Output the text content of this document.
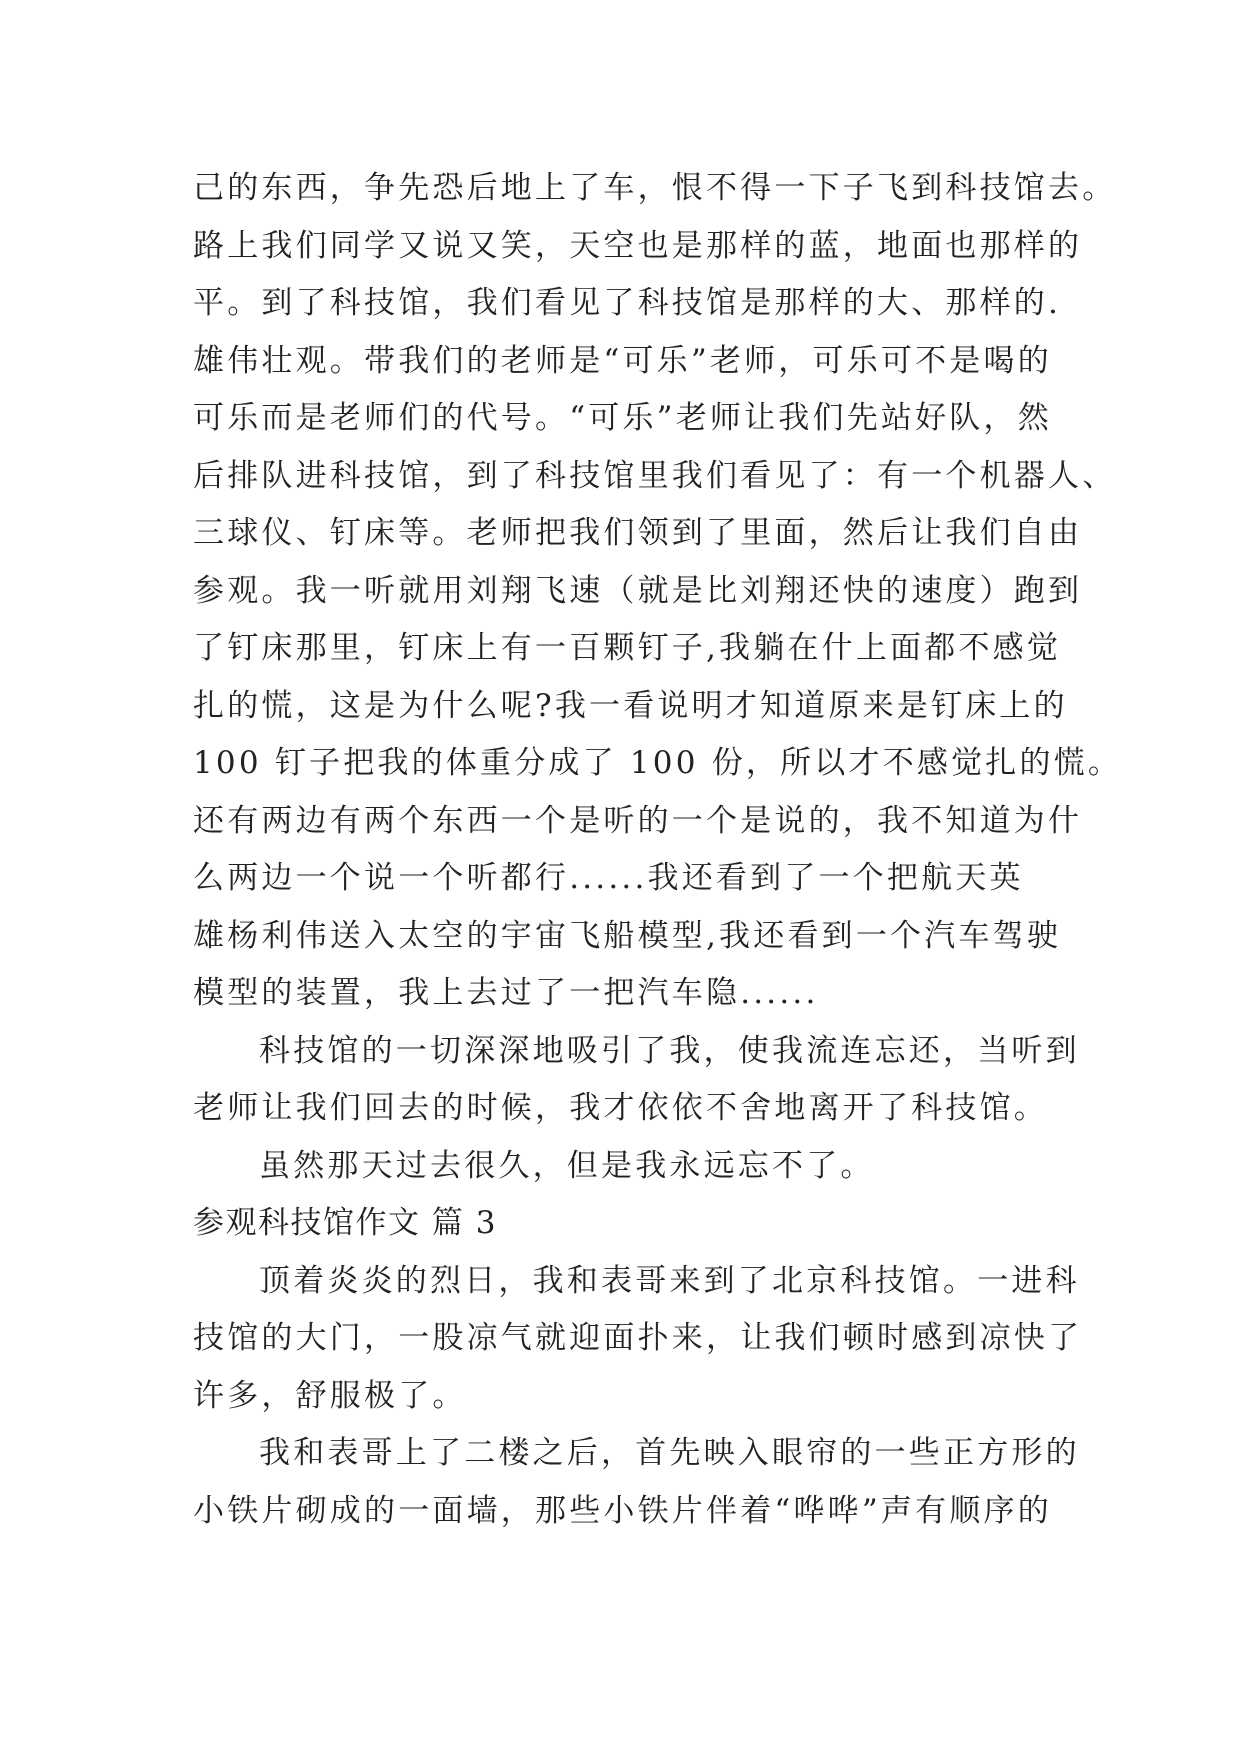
己的东西，争先恐后地上了车，恨不得一下子飞到科技馆去。
路上我们同学又说又笑，天空也是那样的蓝，地面也那样的
平。到了科技馆，我们看见了科技馆是那样的大、那样的.
雄伟壮观。带我们的老师是“可乐”老师，可乐可不是喝的
可乐而是老师们的代号。“可乐”老师让我们先站好队，然
后排队进科技馆，到了科技馆里我们看见了：有一个机器人、
三球仪、钉床等。老师把我们领到了里面，然后让我们自由
参观。我一听就用刘翔飞速（就是比刘翔还快的速度）跑到
了钉床那里，钉床上有一百颗钉子,我躺在什上面都不感觉
扎的慌，这是为什么呢?我一看说明才知道原来是钉床上的
100 钉子把我的体重分成了 100 份，所以才不感觉扎的慌。
还有两边有两个东西一个是听的一个是说的，我不知道为什
么两边一个说一个听都行......我还看到了一个把航天英
雄杨利伟送入太空的宇宙飞船模型,我还看到一个汽车驾驶
模型的装置，我上去过了一把汽车隐......
科技馆的一切深深地吸引了我，使我流连忘还，当听到
老师让我们回去的时候，我才依依不舍地离开了科技馆。
虽然那天过去很久，但是我永远忘不了。
参观科技馆作文 篇 3
顶着炎炎的烈日，我和表哥来到了北京科技馆。一进科
技馆的大门，一股凉气就迎面扑来，让我们顿时感到凉快了
许多，舒服极了。
我和表哥上了二楼之后，首先映入眼帘的一些正方形的
小铁片砌成的一面墙，那些小铁片伴着“哗哗”声有顺序的
